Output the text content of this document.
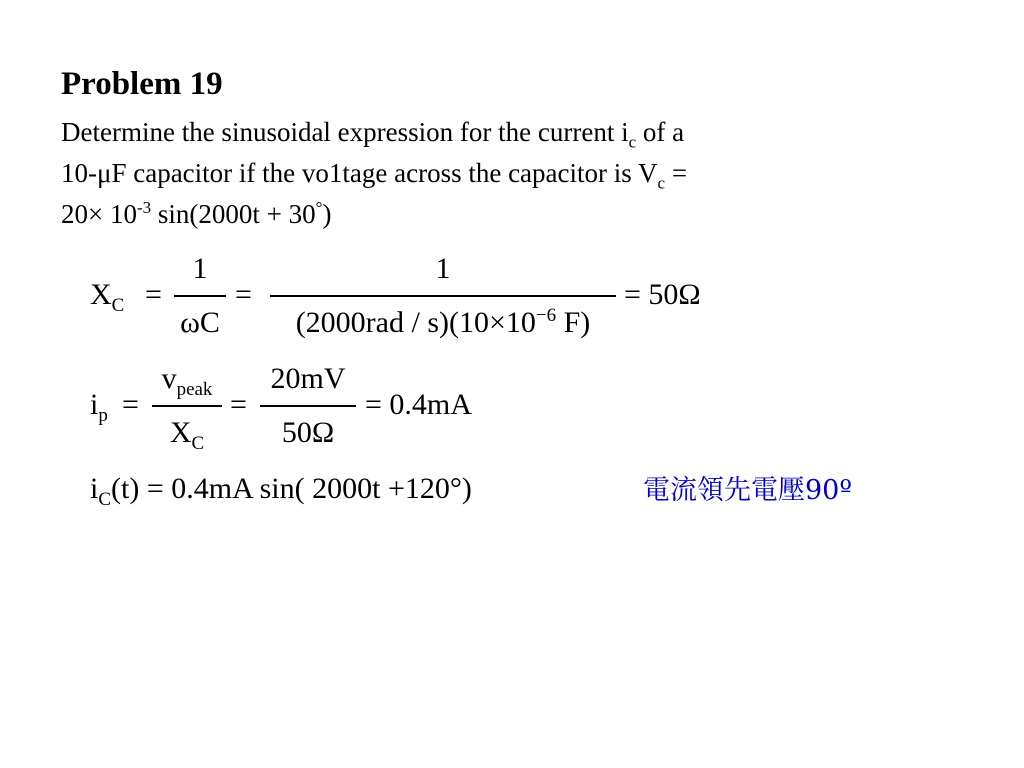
Problem 19
Determine the sinusoidal expression for the current $i_c$ of a
10-μF capacitor if the vo1tage across the capacitor is $V_c$ =
$20\times 10^{-3}$ sin(2000t + 30°)
$X_C$ =
1
ωC
=
1
$(2000rad / s)(10\times 10^{-6}$ F)
= 50Ω
$i_p$ =
$v_{peak}$
$X_C$
=
20mV
50Ω
= 0.4mA
$i_C(t) = 0.4mA$ sin( 2000t +120°)	電流領先電壓90º
